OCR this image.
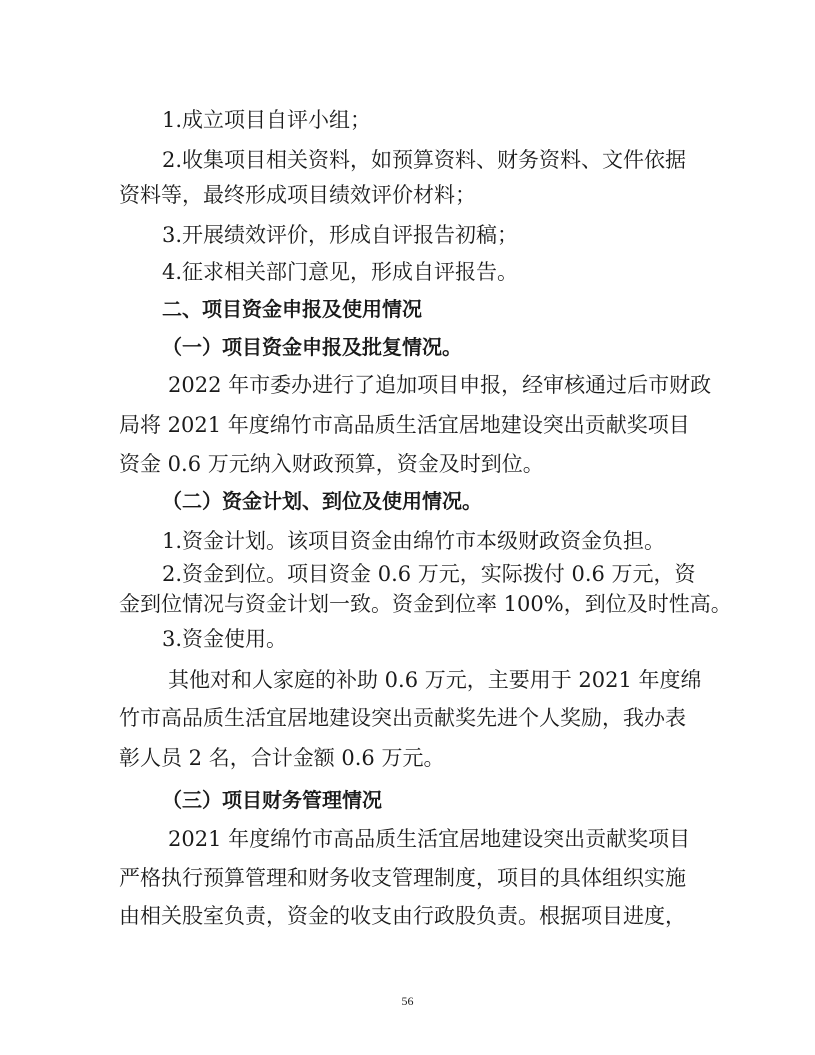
1.成立项目自评小组；

2.收集项目相关资料，如预算资料、财务资料、文件依据

资料等，最终形成项目绩效评价材料；

3.开展绩效评价，形成自评报告初稿；

4.征求相关部门意见，形成自评报告。

二、项目资金申报及使用情况

（一）项目资金申报及批复情况。

2022 年市委办进行了追加项目申报，经审核通过后市财政

局将 2021 年度绵竹市高品质生活宜居地建设突出贡献奖项目

资金 0.6 万元纳入财政预算，资金及时到位。

（二）资金计划、到位及使用情况。

1.资金计划。该项目资金由绵竹市本级财政资金负担。

2.资金到位。项目资金 0.6 万元，实际拨付 0.6 万元，资

金到位情况与资金计划一致。资金到位率 100%，到位及时性高。

3.资金使用。

其他对和人家庭的补助 0.6 万元，主要用于 2021 年度绵

竹市高品质生活宜居地建设突出贡献奖先进个人奖励，我办表

彰人员 2 名，合计金额 0.6 万元。

（三）项目财务管理情况

2021 年度绵竹市高品质生活宜居地建设突出贡献奖项目

严格执行预算管理和财务收支管理制度，项目的具体组织实施

由相关股室负责，资金的收支由行政股负责。根据项目进度，

56
